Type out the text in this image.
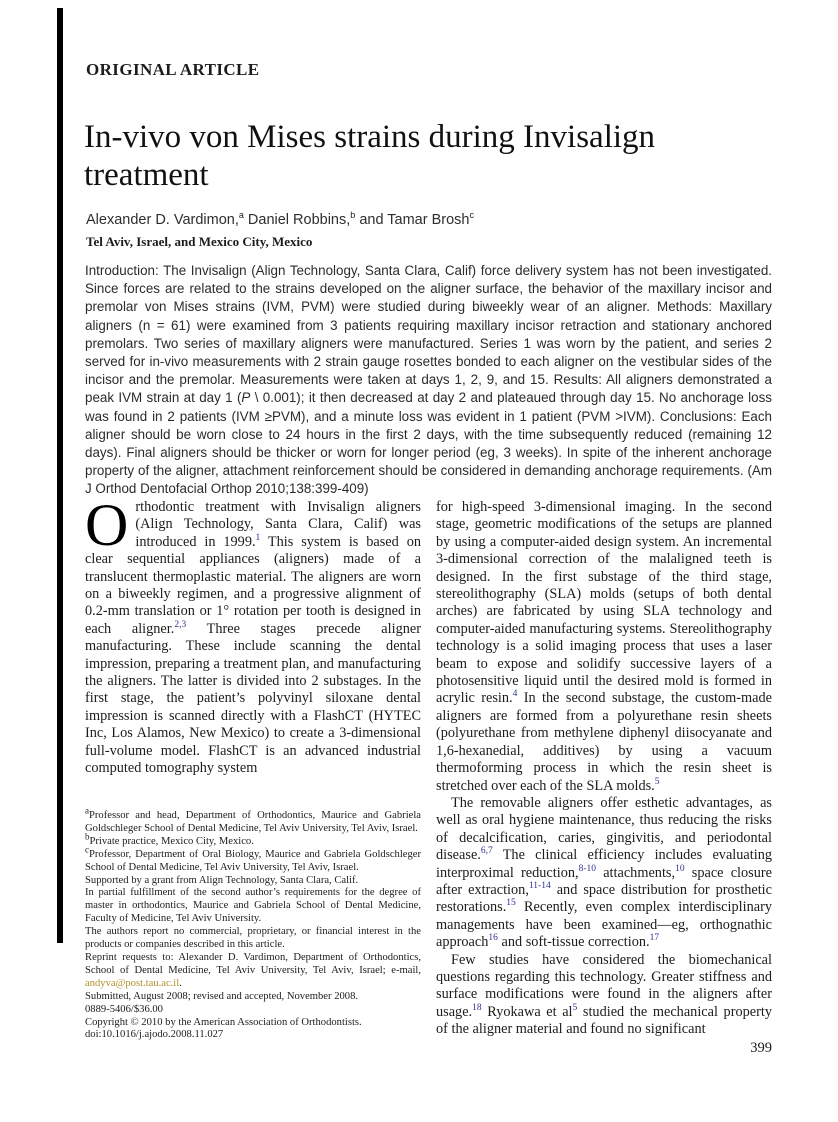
ORIGINAL ARTICLE
In-vivo von Mises strains during Invisalign treatment
Alexander D. Vardimon,$^a$ Daniel Robbins,$^b$ and Tamar Brosh$^c$
Tel Aviv, Israel, and Mexico City, Mexico
Introduction: The Invisalign (Align Technology, Santa Clara, Calif) force delivery system has not been investigated. Since forces are related to the strains developed on the aligner surface, the behavior of the maxillary incisor and premolar von Mises strains (IVM, PVM) were studied during biweekly wear of an aligner. Methods: Maxillary aligners (n = 61) were examined from 3 patients requiring maxillary incisor retraction and stationary anchored premolars. Two series of maxillary aligners were manufactured. Series 1 was worn by the patient, and series 2 served for in-vivo measurements with 2 strain gauge rosettes bonded to each aligner on the vestibular sides of the incisor and the premolar. Measurements were taken at days 1, 2, 9, and 15. Results: All aligners demonstrated a peak IVM strain at day 1 (P \ 0.001); it then decreased at day 2 and plateaued through day 15. No anchorage loss was found in 2 patients (IVM ≥PVM), and a minute loss was evident in 1 patient (PVM >IVM). Conclusions: Each aligner should be worn close to 24 hours in the first 2 days, with the time subsequently reduced (remaining 12 days). Final aligners should be thicker or worn for longer period (eg, 3 weeks). In spite of the inherent anchorage property of the aligner, attachment reinforcement should be considered in demanding anchorage requirements. (Am J Orthod Dentofacial Orthop 2010;138:399-409)

Orthodontic treatment with Invisalign aligners (Align Technology, Santa Clara, Calif) was introduced in 1999.$^1$ This system is based on clear sequential appliances (aligners) made of a translucent thermoplastic material. The aligners are worn on a biweekly regimen, and a progressive alignment of 0.2-mm translation or 1° rotation per tooth is designed in each aligner.$^{2,3}$ Three stages precede aligner manufacturing. These include scanning the dental impression, preparing a treatment plan, and manufacturing the aligners. The latter is divided into 2 substages. In the first stage, the patient’s polyvinyl siloxane dental impression is scanned directly with a FlashCT (HYTEC Inc, Los Alamos, New Mexico) to create a 3-dimensional full-volume model. FlashCT is an advanced industrial computed tomography system

for high-speed 3-dimensional imaging. In the second stage, geometric modifications of the setups are planned by using a computer-aided design system. An incremental 3-dimensional correction of the malaligned teeth is designed. In the first substage of the third stage, stereolithography (SLA) molds (setups of both dental arches) are fabricated by using SLA technology and computer-aided manufacturing systems. Stereolithography technology is a solid imaging process that uses a laser beam to expose and solidify successive layers of a photosensitive liquid until the desired mold is formed in acrylic resin.$^4$ In the second substage, the custom-made aligners are formed from a polyurethane resin sheets (polyurethane from methylene diphenyl diisocyanate and 1,6-hexanedial, additives) by using a vacuum thermoforming process in which the resin sheet is stretched over each of the SLA molds.$^5$

The removable aligners offer esthetic advantages, as well as oral hygiene maintenance, thus reducing the risks of decalcification, caries, gingivitis, and periodontal disease.$^{6,7}$ The clinical efficiency includes evaluating interproximal reduction,$^{8-10}$ attachments,$^{10}$ space closure after extraction,$^{11-14}$ and space distribution for prosthetic restorations.$^{15}$ Recently, even complex interdisciplinary managements have been examined—eg, orthognathic approach$^{16}$ and soft-tissue correction.$^{17}$

Few studies have considered the biomechanical questions regarding this technology. Greater stiffness and surface modifications were found in the aligners after usage.$^{18}$ Ryokawa et al$^5$ studied the mechanical property of the aligner material and found no significant

$^a$Professor and head, Department of Orthodontics, Maurice and Gabriela Goldschleger School of Dental Medicine, Tel Aviv University, Tel Aviv, Israel.

$^b$Private practice, Mexico City, Mexico.

$^c$Professor, Department of Oral Biology, Maurice and Gabriela Goldschleger School of Dental Medicine, Tel Aviv University, Tel Aviv, Israel.

Supported by a grant from Align Technology, Santa Clara, Calif.

In partial fulfillment of the second author’s requirements for the degree of master in orthodontics, Maurice and Gabriela School of Dental Medicine, Faculty of Medicine, Tel Aviv University.

The authors report no commercial, proprietary, or financial interest in the products or companies described in this article.

Reprint requests to: Alexander D. Vardimon, Department of Orthodontics, School of Dental Medicine, Tel Aviv University, Tel Aviv, Israel; e-mail, andyva@post.tau.ac.il.

Submitted, August 2008; revised and accepted, November 2008.

0889-5406/$36.00

Copyright © 2010 by the American Association of Orthodontists.

doi:10.1016/j.ajodo.2008.11.027

399
